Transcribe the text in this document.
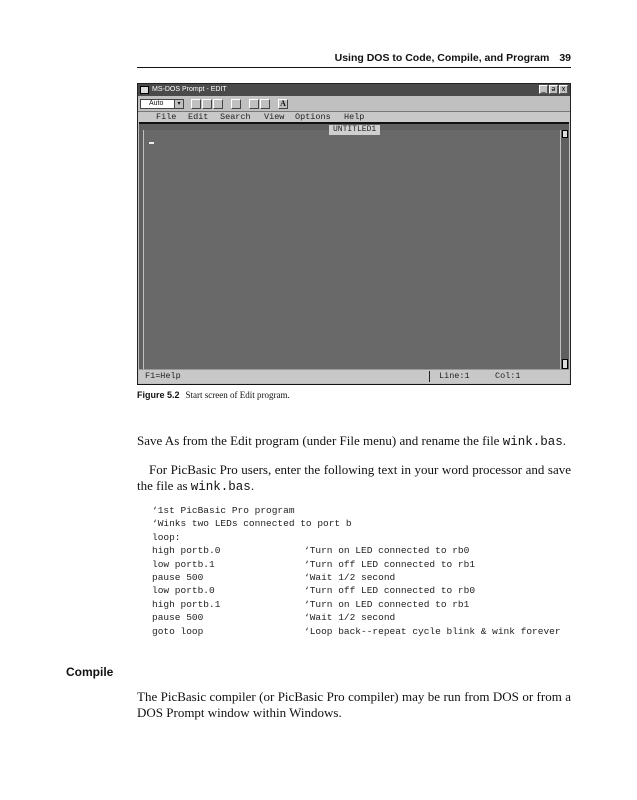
Using DOS to Code, Compile, and Program 39
MS-DOS Prompt - EDIT	_ ə x
Auto	▾	A
File Edit Search View Options Help
UNTITLED1
F1=Help	Line:1	Col:1
Figure 5.2 Start screen of Edit program.
Save As from the Edit program (under File menu) and rename the file wink.bas.
For PicBasic Pro users, enter the following text in your word processor and save the file as wink.bas.
‘1st PicBasic Pro program
‘Winks two LEDs connected to port b
loop:
high portb.0	‘Turn on LED connected to rb0
low portb.1	‘Turn off LED connected to rb1
pause 500	‘Wait 1/2 second
low portb.0	‘Turn off LED connected to rb0
high portb.1	‘Turn on LED connected to rb1
pause 500	‘Wait 1/2 second
goto loop	‘Loop back--repeat cycle blink & wink forever
Compile
The PicBasic compiler (or PicBasic Pro compiler) may be run from DOS or from a DOS Prompt window within Windows.
